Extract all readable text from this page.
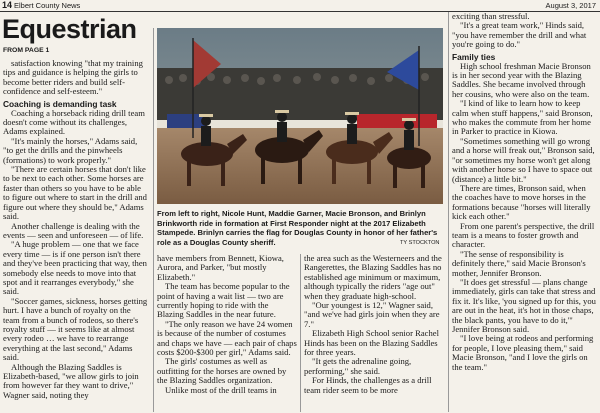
14 Elbert County News	August 3, 2017
Equestrian
FROM PAGE 1

satisfaction knowing "that my training tips and guidance is helping the girls to become better riders and build self-confidence and self-esteem."

Coaching is demanding task

Coaching a horseback riding drill team doesn't come without its challenges, Adams explained.

"It's mainly the horses," Adams said, "to get the drills and the pinwheels (formations) to work properly."

"There are certain horses that don't like to be next to each other. Some horses are faster than others so you have to be able to figure out where to start in the drill and figure out where they should be," Adams said.

Another challenge is dealing with the events — seen and unforeseen — of life.

"A huge problem — one that we face every time — is if one person isn't there and they've been practicing that way, then somebody else needs to move into that spot and it rearranges everybody," she said.

"Soccer games, sickness, horses getting hurt. I have a bunch of royalty on the team from a bunch of rodeos, so there's royalty stuff — it seems like at almost every rodeo … we have to rearrange everything at the last second," Adams said.

Although the Blazing Saddles is Elizabeth-based, "we allow girls to join from however far they want to drive," Wagner said, noting they

From left to right, Nicole Hunt, Maddie Garner, Macie Bronson, and Brinlyn Brinkworth ride in formation at First Responder night at the 2017 Elizabeth Stampede. Brinlyn carries the flag for Douglas County in honor of her father's role as a Douglas County sheriff.	TY STOCKTON

have members from Bennett, Kiowa, Aurora, and Parker, "but mostly Elizabeth."

The team has become popular to the point of having a wait list — two are currently hoping to ride with the Blazing Saddles in the near future.

"The only reason we have 24 women is because of the number of costumes and chaps we have — each pair of chaps costs $200-$300 per girl," Adams said.

The girls' costumes as well as outfitting for the horses are owned by the Blazing Saddles organization.

Unlike most of the drill teams in

the area such as the Westerneers and the Rangerettes, the Blazing Saddles has no established age minimum or maximum, although typically the riders "age out" when they graduate high-school.

"Our youngest is 12," Wagner said, "and we've had girls join when they are 7."

Elizabeth High School senior Rachel Hinds has been on the Blazing Saddles for three years.

"It gets the adrenaline going, performing," she said.

For Hinds, the challenges as a drill team rider seem to be more

exciting than stressful.

"It's a great team work," Hinds said, "you have remember the drill and what you're going to do."

Family ties

High school freshman Macie Bronson is in her second year with the Blazing Saddles. She became involved through her cousins, who were also on the team.

"I kind of like to learn how to keep calm when stuff happens," said Bronson, who makes the commute from her home in Parker to practice in Kiowa.

"Sometimes something will go wrong and a horse will freak out," Bronson said, "or sometimes my horse won't get along with another horse so I have to space out (distance) a little bit."

There are times, Bronson said, when the coaches have to move horses in the formations because "horses will literally kick each other."

From one parent's perspective, the drill team is a means to foster growth and character.

"The sense of responsibility is definitely there," said Macie Bronson's mother, Jennifer Bronson.

"It does get stressful — plans change immediately, girls can take that stress and fix it. It's like, 'you signed up for this, you are out in the heat, it's hot in those chaps, the black pants, you have to do it,'" Jennifer Bronson said.

"I love being at rodeos and performing for people, I love pleasing them," said Macie Bronson, "and I love the girls on the team."
